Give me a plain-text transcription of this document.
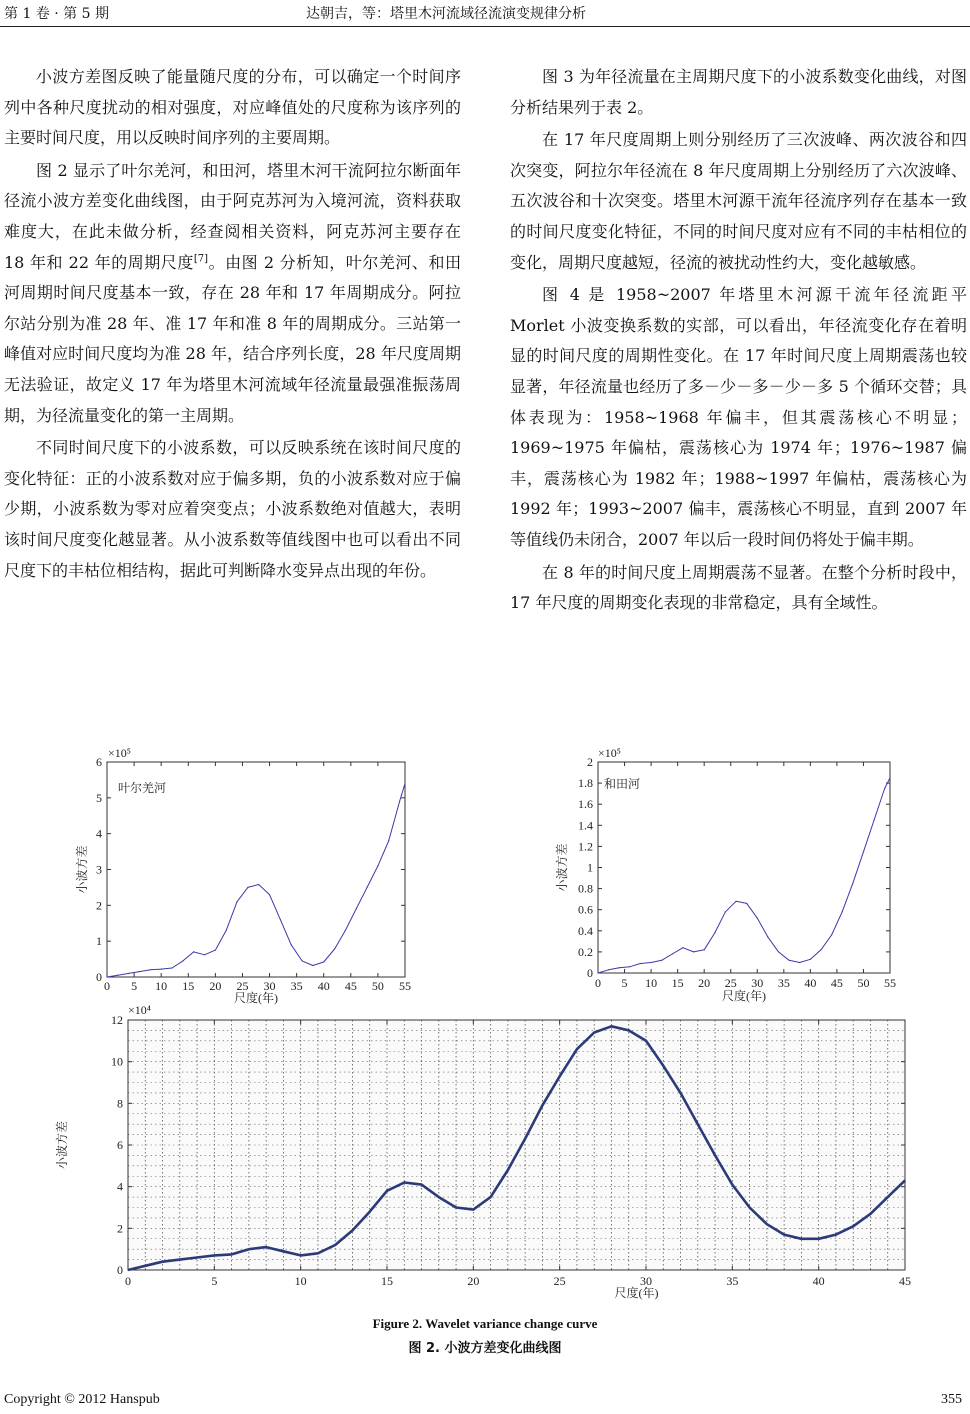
第 1 卷 · 第 5 期	达朝吉，等：塔里木河流域径流演变规律分析

小波方差图反映了能量随尺度的分布，可以确定一个时间序列中各种尺度扰动的相对强度，对应峰值处的尺度称为该序列的主要时间尺度，用以反映时间序列的主要周期。

图 2 显示了叶尔羌河，和田河，塔里木河干流阿拉尔断面年径流小波方差变化曲线图，由于阿克苏河为入境河流，资料获取难度大，在此未做分析，经查阅相关资料，阿克苏河主要存在 18 年和 22 年的周期尺度[7]。由图 2 分析知，叶尔羌河、和田河周期时间尺度基本一致，存在 28 年和 17 年周期成分。阿拉尔站分别为准 28 年、准 17 年和准 8 年的周期成分。三站第一峰值对应时间尺度均为准 28 年，结合序列长度，28 年尺度周期无法验证，故定义 17 年为塔里木河流域年径流量最强准振荡周期，为径流量变化的第一主周期。

不同时间尺度下的小波系数，可以反映系统在该时间尺度的变化特征：正的小波系数对应于偏多期，负的小波系数对应于偏少期，小波系数为零对应着突变点；小波系数绝对值越大，表明该时间尺度变化越显著。从小波系数等值线图中也可以看出不同尺度下的丰枯位相结构，据此可判断降水变异点出现的年份。

图 3 为年径流量在主周期尺度下的小波系数变化曲线，对图分析结果列于表 2。

在 17 年尺度周期上则分别经历了三次波峰、两次波谷和四次突变，阿拉尔年径流在 8 年尺度周期上分别经历了六次波峰、五次波谷和十次突变。塔里木河源干流年径流序列存在基本一致的时间尺度变化特征，不同的时间尺度对应有不同的丰枯相位的变化，周期尺度越短，径流的被扰动性约大，变化越敏感。

图 4 是 1958~2007 年塔里木河源干流年径流距平 Morlet 小波变换系数的实部，可以看出，年径流变化存在着明显的时间尺度的周期性变化。在 17 年时间尺度上周期震荡也较显著，年径流量也经历了多－少－多－少－多 5 个循环交替；具体表现为：1958~1968 年偏丰，但其震荡核心不明显；1969~1975 年偏枯，震荡核心为 1974 年；1976~1987 偏丰，震荡核心为 1982 年；1988~1997 年偏枯，震荡核心为 1992 年；1993~2007 偏丰，震荡核心不明显，直到 2007 年等值线仍未闭合，2007 年以后一段时间仍将处于偏丰期。

在 8 年的时间尺度上周期震荡不显著。在整个分析时段中，17 年尺度的周期变化表现的非常稳定，具有全域性。

0 5 10 15 20 25 30 35 40 45 50 55
0
1
2
3
4
5
6
×10⁵
叶尔羌河
尺度(年)
小波方差
0 5 10 15 20 25 30 35 40 45 50 55
0
0.2
0.4
0.6
0.8
1
1.2
1.4
1.6
1.8
2
×10⁵
和田河
尺度(年)
小波方差
0	5	10	15	20	25	30	35	40	45
0
2
4
6
8
10
12
×10⁴
尺度(年)
小波方差
Figure 2. Wavelet variance change curve
图 2. 小波方差变化曲线图
Copyright © 2012 Hanspub	355
